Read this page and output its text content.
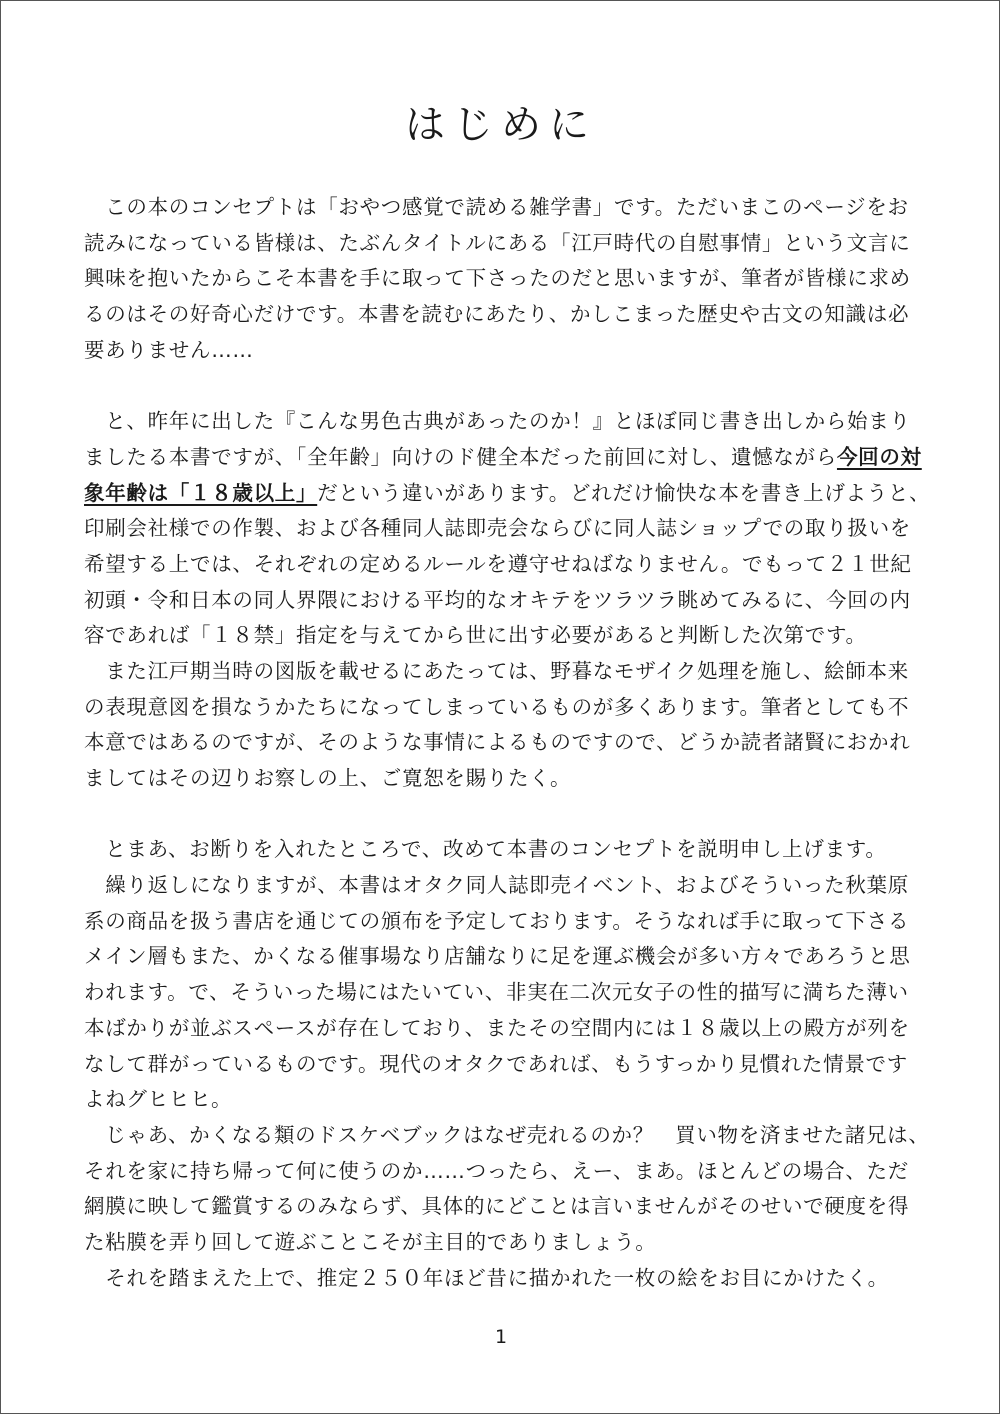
はじめに
　この本のコンセプトは「おやつ感覚で読める雑学書」です。ただいまこのページをお
読みになっている皆様は、たぶんタイトルにある「江戸時代の自慰事情」という文言に
興味を抱いたからこそ本書を手に取って下さったのだと思いますが、筆者が皆様に求め
るのはその好奇心だけです。本書を読むにあたり、かしこまった歴史や古文の知識は必
要ありません……
　と、昨年に出した『こんな男色古典があったのか！』とほぼ同じ書き出しから始まり
ましたる本書ですが、「全年齢」向けのド健全本だった前回に対し、遺憾ながら今回の対
象年齢は「１８歳以上」だという違いがあります。どれだけ愉快な本を書き上げようと、
印刷会社様での作製、および各種同人誌即売会ならびに同人誌ショップでの取り扱いを
希望する上では、それぞれの定めるルールを遵守せねばなりません。でもって２１世紀
初頭・令和日本の同人界隈における平均的なオキテをツラツラ眺めてみるに、今回の内
容であれば「１８禁」指定を与えてから世に出す必要があると判断した次第です。
　また江戸期当時の図版を載せるにあたっては、野暮なモザイク処理を施し、絵師本来
の表現意図を損なうかたちになってしまっているものが多くあります。筆者としても不
本意ではあるのですが、そのような事情によるものですので、どうか読者諸賢におかれ
ましてはその辺りお察しの上、ご寛恕を賜りたく。
　とまあ、お断りを入れたところで、改めて本書のコンセプトを説明申し上げます。
　繰り返しになりますが、本書はオタク同人誌即売イベント、およびそういった秋葉原
系の商品を扱う書店を通じての頒布を予定しております。そうなれば手に取って下さる
メイン層もまた、かくなる催事場なり店舗なりに足を運ぶ機会が多い方々であろうと思
われます。で、そういった場にはたいてい、非実在二次元女子の性的描写に満ちた薄い
本ばかりが並ぶスペースが存在しており、またその空間内には１８歳以上の殿方が列を
なして群がっているものです。現代のオタクであれば、もうすっかり見慣れた情景です
よねグヒヒヒ。
　じゃあ、かくなる類のドスケベブックはなぜ売れるのか？　買い物を済ませた諸兄は、
それを家に持ち帰って何に使うのか……つったら、えー、まあ。ほとんどの場合、ただ
網膜に映して鑑賞するのみならず、具体的にどことは言いませんがそのせいで硬度を得
た粘膜を弄り回して遊ぶことこそが主目的でありましょう。
　それを踏まえた上で、推定２５０年ほど昔に描かれた一枚の絵をお目にかけたく。
1
